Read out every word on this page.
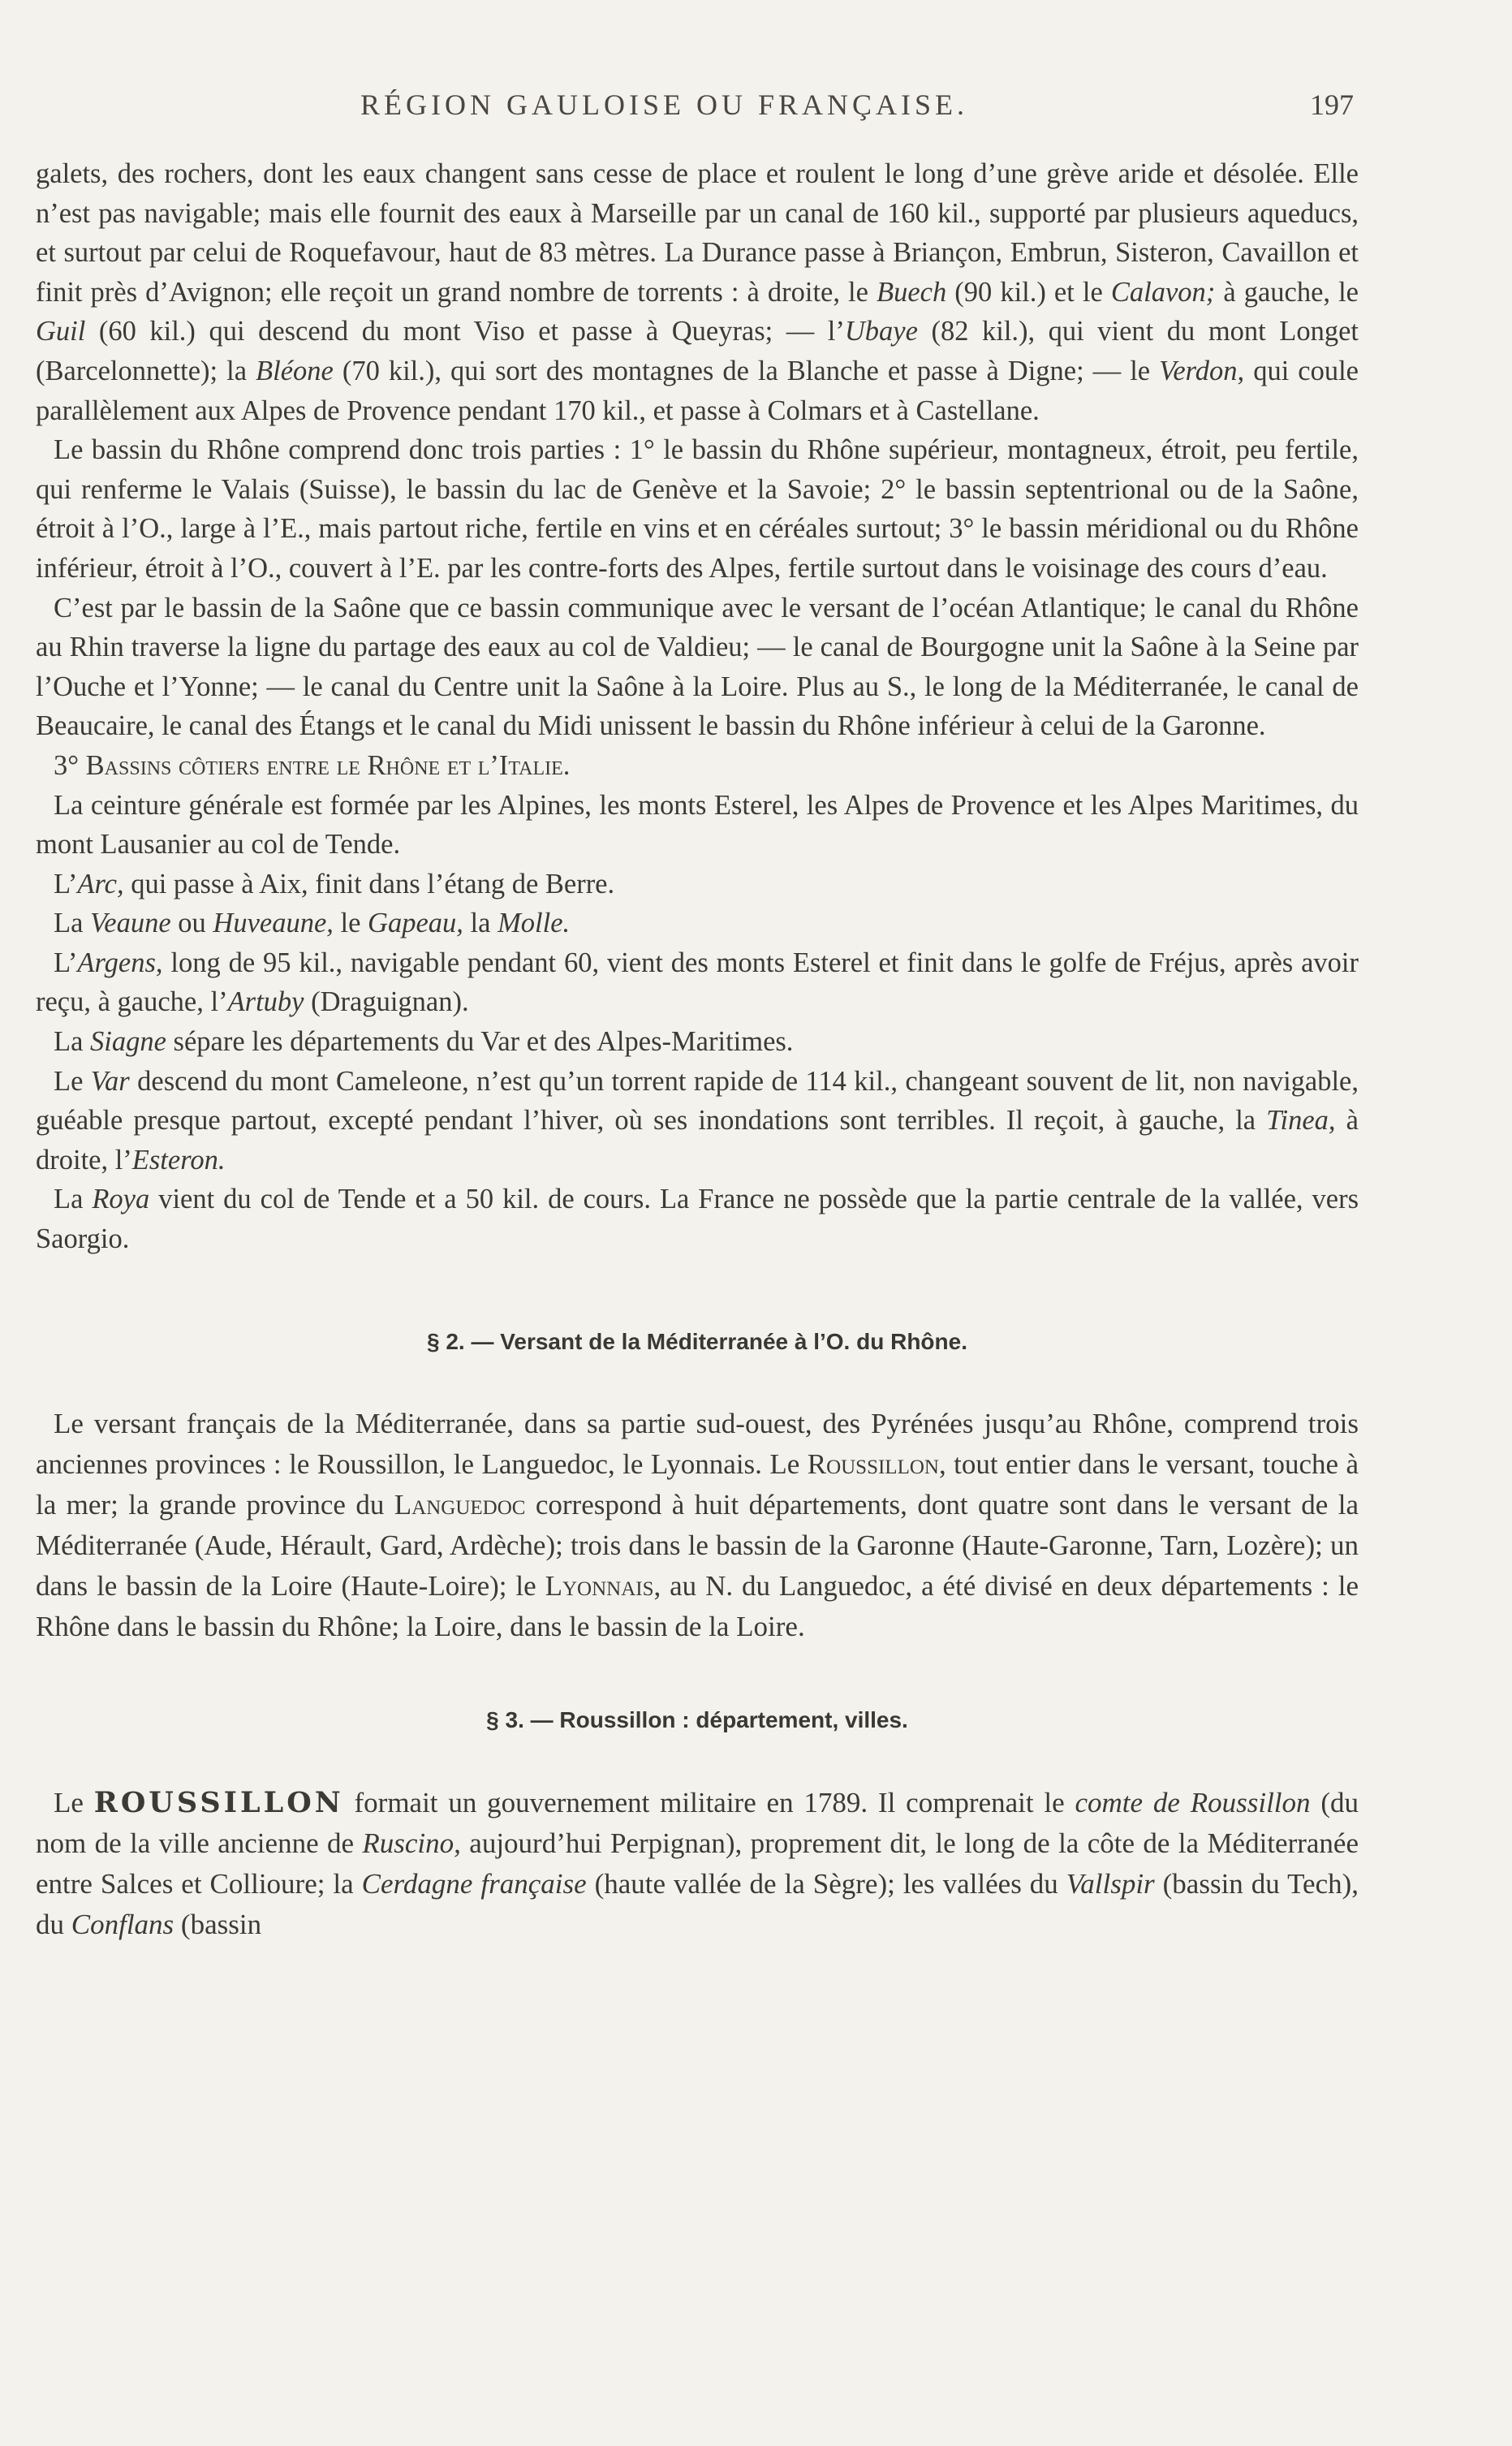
RÉGION GAULOISE OU FRANÇAISE.	197

galets, des rochers, dont les eaux changent sans cesse de place et roulent le long d’une grève aride et désolée. Elle n’est pas navigable; mais elle fournit des eaux à Marseille par un canal de 160 kil., supporté par plusieurs aqueducs, et surtout par celui de Roquefavour, haut de 83 mètres. La Durance passe à Briançon, Embrun, Sisteron, Cavaillon et finit près d’Avignon; elle reçoit un grand nombre de torrents : à droite, le Buech (90 kil.) et le Calavon; à gauche, le Guil (60 kil.) qui descend du mont Viso et passe à Queyras; — l’Ubaye (82 kil.), qui vient du mont Longet (Barcelonnette); la Bléone (70 kil.), qui sort des montagnes de la Blanche et passe à Digne; — le Verdon, qui coule parallèlement aux Alpes de Provence pendant 170 kil., et passe à Colmars et à Castellane.

Le bassin du Rhône comprend donc trois parties : 1° le bassin du Rhône supérieur, montagneux, étroit, peu fertile, qui renferme le Valais (Suisse), le bassin du lac de Genève et la Savoie; 2° le bassin septentrional ou de la Saône, étroit à l’O., large à l’E., mais partout riche, fertile en vins et en céréales surtout; 3° le bassin méridional ou du Rhône inférieur, étroit à l’O., couvert à l’E. par les contre-forts des Alpes, fertile surtout dans le voisinage des cours d’eau.

C’est par le bassin de la Saône que ce bassin communique avec le versant de l’océan Atlantique; le canal du Rhône au Rhin traverse la ligne du partage des eaux au col de Valdieu; — le canal de Bourgogne unit la Saône à la Seine par l’Ouche et l’Yonne; — le canal du Centre unit la Saône à la Loire. Plus au S., le long de la Méditerranée, le canal de Beaucaire, le canal des Étangs et le canal du Midi unissent le bassin du Rhône inférieur à celui de la Garonne.

3° Bassins côtiers entre le Rhône et l’Italie.

La ceinture générale est formée par les Alpines, les monts Esterel, les Alpes de Provence et les Alpes Maritimes, du mont Lausanier au col de Tende.

L’Arc, qui passe à Aix, finit dans l’étang de Berre.

La Veaune ou Huveaune, le Gapeau, la Molle.

L’Argens, long de 95 kil., navigable pendant 60, vient des monts Esterel et finit dans le golfe de Fréjus, après avoir reçu, à gauche, l’Artuby (Draguignan).

La Siagne sépare les départements du Var et des Alpes-Maritimes.

Le Var descend du mont Cameleone, n’est qu’un torrent rapide de 114 kil., changeant souvent de lit, non navigable, guéable presque partout, excepté pendant l’hiver, où ses inondations sont terribles. Il reçoit, à gauche, la Tinea, à droite, l’Esteron.

La Roya vient du col de Tende et a 50 kil. de cours. La France ne possède que la partie centrale de la vallée, vers Saorgio.

§ 2. — Versant de la Méditerranée à l’O. du Rhône.

Le versant français de la Méditerranée, dans sa partie sud-ouest, des Pyrénées jusqu’au Rhône, comprend trois anciennes provinces : le Roussillon, le Languedoc, le Lyonnais. Le Roussillon, tout entier dans le versant, touche à la mer; la grande province du Languedoc correspond à huit départements, dont quatre sont dans le versant de la Méditerranée (Aude, Hérault, Gard, Ardèche); trois dans le bassin de la Garonne (Haute-Garonne, Tarn, Lozère); un dans le bassin de la Loire (Haute-Loire); le Lyonnais, au N. du Languedoc, a été divisé en deux départements : le Rhône dans le bassin du Rhône; la Loire, dans le bassin de la Loire.

§ 3. — Roussillon : département, villes.

Le ROUSSILLON formait un gouvernement militaire en 1789. Il comprenait le comte de Roussillon (du nom de la ville ancienne de Ruscino, aujourd’hui Perpignan), proprement dit, le long de la côte de la Méditerranée entre Salces et Collioure; la Cerdagne française (haute vallée de la Sègre); les vallées du Vallspir (bassin du Tech), du Conflans (bassin
